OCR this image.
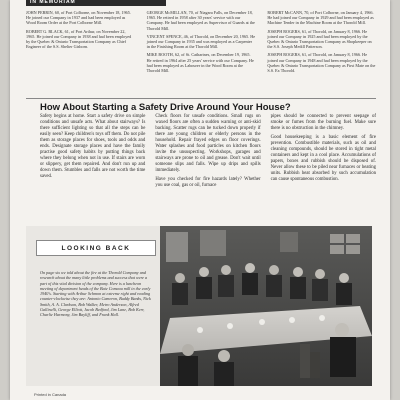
IN MEMORIAM

JOHN PERRIN, 60, of Port Colborne, on November 18, 1965. He joined our Company in 1937 and had been employed as Wood Room Order at the Port Colborne Mill.

ROBERT G. BLACK, 61, of Port Arthur, on November 22, 1965. He joined our Company in 1938 and had been employed by the Quebec & Ontario Transportation Company as Chief Engineer of the S.S. Shelter Gisborn.

GEORGE McMILLAN, 70, of Niagara Falls, on December 18, 1965. He retired in 1958 after 30 years' service with our Company. He had been employed as Supervisor of Guards at the Thorold Mill.

VINCENT SPENCE, 46, of Thorold, on December 20, 1965. He joined our Company in 1935 and was employed as a Carpenter in the Finishing Room at the Thorold Mill.

MIKE BOOTH, 62, of St. Catharines, on December 19, 1965. He retired in 1964 after 25 years' service with our Company. He had been employed as Labourer in the Wood Room at the Thorold Mill.

ROBERT McCANN, 70, of Port Colborne, on January 4, 1966. He had joined our Company in 1929 and had been employed as Machine Tender in the Machine Room at the Thorold Mill.

JOSEPH ROGERS, 61, of Thorold, on January 8, 1966. He joined our Company in 1925 and had been employed by the Quebec & Ontario Transportation Company as Shopkeeper on the S.S. Joseph Medill Patterson.

JOSEPH ROGERS, 61, of Thorold, on January 8, 1966. He joined our Company in 1948 and had been employed by the Quebec & Ontario Transportation Company as First Mate on the S.S. Ex Thorold.

How About Starting a Safety Drive Around Your House?

Safety begins at home. Start a safety drive on simple conditions and unsafe acts. What about stairways? Is there sufficient lighting so that all the steps can be easily seen? Keep children's toys off them. Do not pile them as storage places for shoes, tools and odds and ends. Designate storage places and have the family practise good safety habits by putting things back where they belong when not in use. If stairs are worn or slippery, get them repaired. And don't run up and down them. Stumbles and falls are not worth the time saved.

Check floors for unsafe conditions. Small rugs on waxed floors are often a sudden warning or anti-skid backing. Scatter rugs can be tucked down properly if there are young children or elderly persons in the household. Repair frayed edges on floor coverings. Water splashes and food particles on kitchen floors invite the unsuspecting. Workshops, garages and stairways are prone to oil and grease. Don't wait until someone slips and falls. Wipe up drips and spills immediately.

Have you checked for fire hazards lately? Whether you use coal, gas or oil, furnace

pipes should be connected to prevent seepage of smoke or fumes from the burning fuel. Make sure there is no obstruction in the chimney.

Good housekeeping is a basic element of fire prevention. Combustible materials, such as oil and cleaning compounds, should be stored in tight metal containers and kept in a cool place. Accumulations of papers, boxes and rubbish should be disposed of. Never allow these to be piled near furnaces or heating units. Rubbish heat absorbed by such accumulation can cause spontaneous combustion.

LOOKING BACK
On page six we told about the fire at the Thorold Company and research about the many little problems and success that were a part of this vital division of the company. Here is a luncheon meeting of department heads of the Baie Comeau mill in the early 1940's. Starting with Arthur Schmon at extreme right and reading counter-clockwise they are: Antonio Cameron, Buddy Banks, Nick Smith, A. A. Clarkson, Bob Walker, Metro Anderson, Alfred Gallinelli, George Elliott, Jacob Bedford, Jim Lane, Bob Kerr, Charlie Harmony, Jim Bayliff, and Frank Hall.
Printed in Canada
